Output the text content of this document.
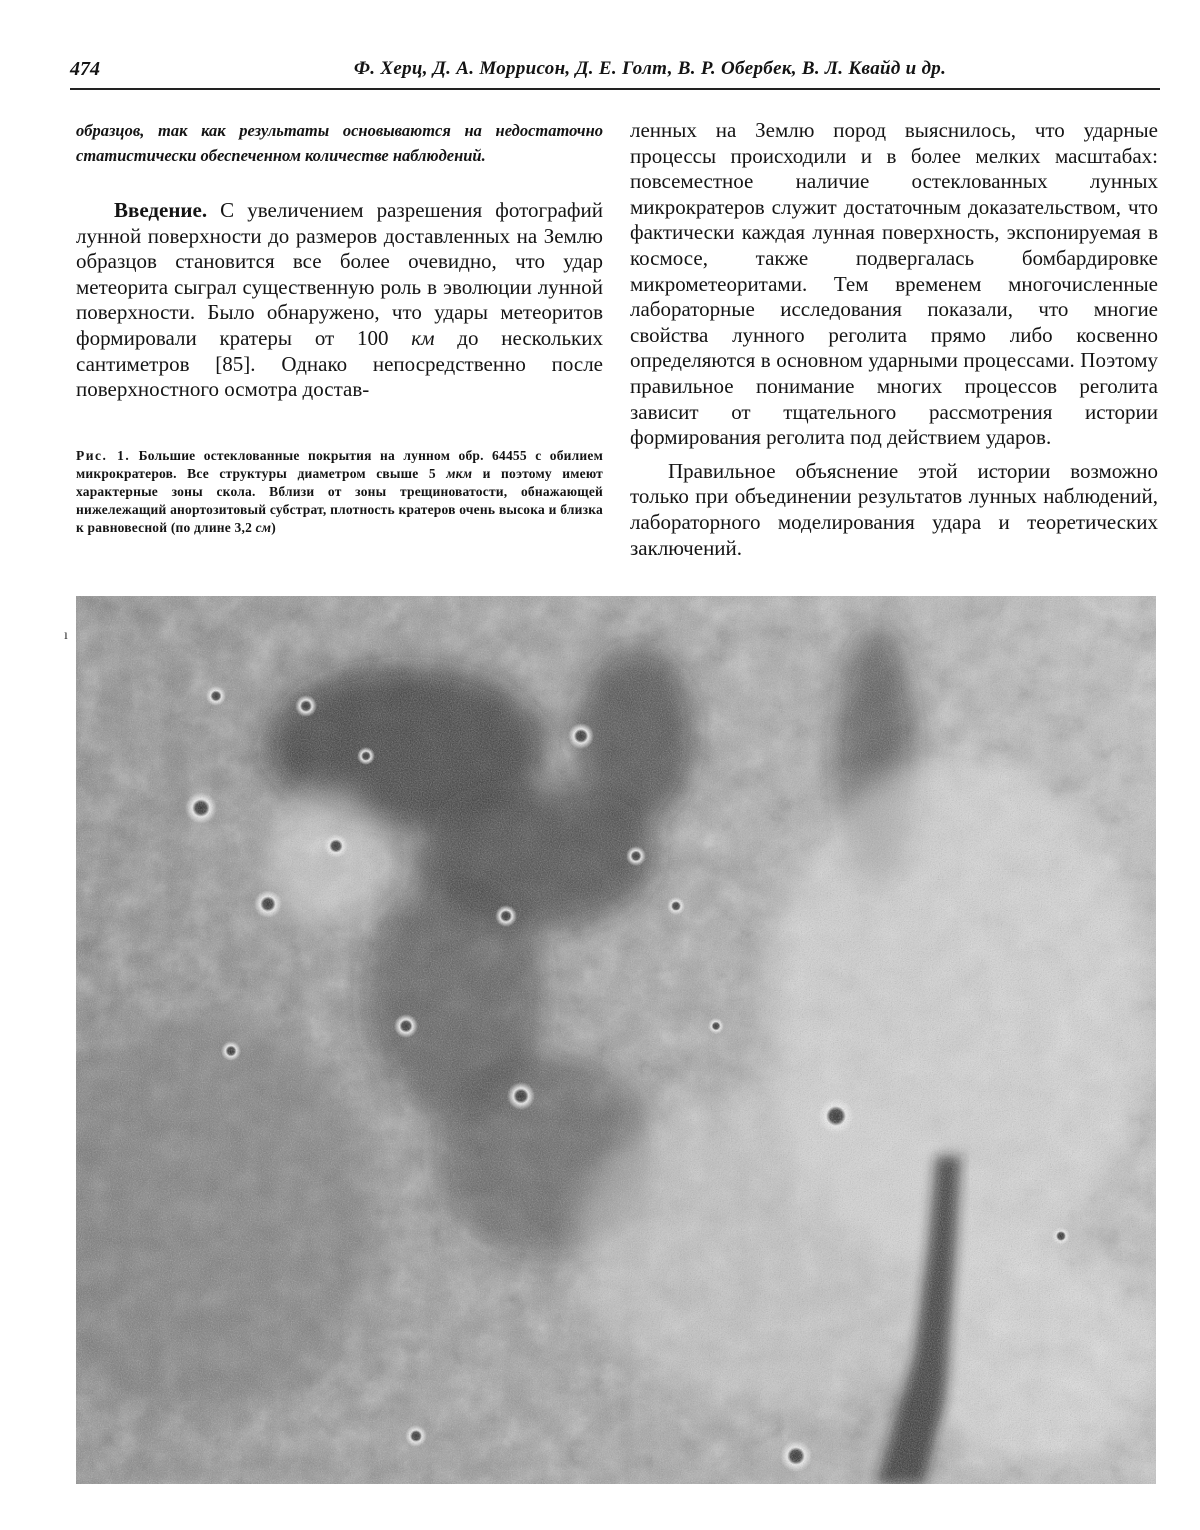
474	Ф. Херц, Д. А. Моррисон, Д. Е. Голт, В. Р. Обербек, В. Л. Квайд и др.

образцов, так как результаты основываются на недостаточно статистически обеспеченном количестве наблюдений.

Введение. С увеличением разрешения фотографий лунной поверхности до размеров доставленных на Землю образцов становится все более очевидно, что удар метеорита сыграл существенную роль в эволюции лунной поверхности. Было обнаружено, что удары метеоритов формировали кратеры от 100 км до нескольких сантиметров [85]. Однако непосредственно после поверхностного осмотра достав-

Рис. 1. Большие остеклованные покрытия на лунном обр. 64455 с обилием микрократеров. Все структуры диаметром свыше 5 мкм и поэтому имеют характерные зоны скола. Вблизи от зоны трещиноватости, обнажающей нижележащий анортозитовый субстрат, плотность кратеров очень высока и близка к равновесной (по длине 3,2 см)

ленных на Землю пород выяснилось, что ударные процессы происходили и в более мелких масштабах: повсеместное наличие остеклованных лунных микрократеров служит достаточным доказательством, что фактически каждая лунная поверхность, экспонируемая в космосе, также подвергалась бомбардировке микрометеоритами. Тем временем многочисленные лабораторные исследования показали, что многие свойства лунного реголита прямо либо косвенно определяются в основном ударными процессами. Поэтому правильное понимание многих процессов реголита зависит от тщательного рассмотрения истории формирования реголита под действием ударов.

Правильное объяснение этой истории возможно только при объединении результатов лунных наблюдений, лабораторного моделирования удара и теоретических заключений.

ı
